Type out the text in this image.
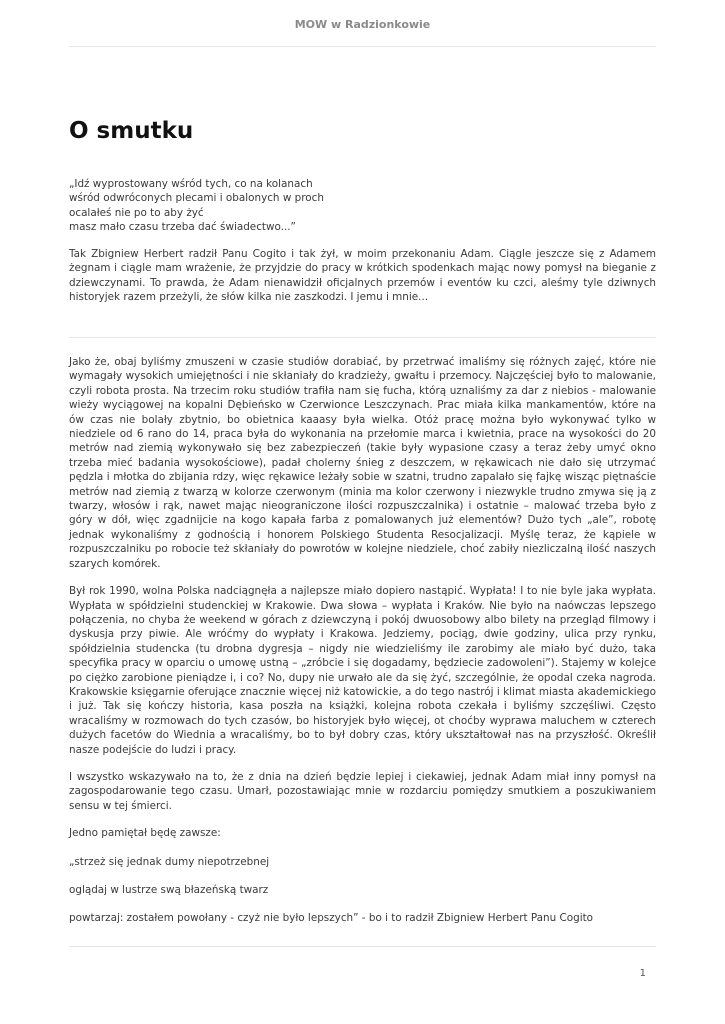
MOW w Radzionkowie
O smutku

„Idź wyprostowany wśród tych, co na kolanach

wśród odwróconych plecami i obalonych w proch

ocalałeś nie po to aby żyć

masz mało czasu trzeba dać świadectwo...”

Tak Zbigniew Herbert radził Panu Cogito i tak żył, w moim przekonaniu Adam. Ciągle jeszcze się z Adamem żegnam i ciągle mam wrażenie, że przyjdzie do pracy w krótkich spodenkach mając nowy pomysł na bieganie z dziewczynami. To prawda, że Adam nienawidził oficjalnych przemów i eventów ku czci, aleśmy tyle dziwnych historyjek razem przeżyli, że słów kilka nie zaszkodzi. I jemu i mnie...

Jako że, obaj byliśmy zmuszeni w czasie studiów dorabiać, by przetrwać imaliśmy się różnych zajęć, które nie wymagały wysokich umiejętności i nie skłaniały do kradzieży, gwałtu i przemocy. Najczęściej było to malowanie, czyli robota prosta. Na trzecim roku studiów trafiła nam się fucha, którą uznaliśmy za dar z niebios - malowanie wieży wyciągowej na kopalni Dębieńsko w Czerwionce Leszczynach. Prac miała kilka mankamentów, które na ów czas nie bolały zbytnio, bo obietnica kaaasy była wielka. Otóż pracę można było wykonywać tylko w niedziele od 6 rano do 14, praca była do wykonania na przełomie marca i kwietnia, prace na wysokości do 20 metrów nad ziemią wykonywało się bez zabezpieczeń (takie były wypasione czasy a teraz żeby umyć okno trzeba mieć badania wysokościowe), padał cholerny śnieg z deszczem, w rękawicach nie dało się utrzymać pędzla i młotka do zbijania rdzy, więc rękawice leżały sobie w szatni, trudno zapalało się fajkę wisząc piętnaście metrów nad ziemią z twarzą w kolorze czerwonym (minia ma kolor czerwony i niezwykle trudno zmywa się ją z twarzy, włosów i rąk, nawet mając nieograniczone ilości rozpuszczalnika) i ostatnie – malować trzeba było z góry w dół, więc zgadnijcie na kogo kapała farba z pomalowanych już elementów? Dużo tych „ale”, robotę jednak wykonaliśmy z godnością i honorem Polskiego Studenta Resocjalizacji. Myślę teraz, że kąpiele w rozpuszczalniku po robocie też skłaniały do powrotów w kolejne niedziele, choć zabiły niezliczalną ilość naszych szarych komórek.

Był rok 1990, wolna Polska nadciągnęła a najlepsze miało dopiero nastąpić. Wypłata! I to nie byle jaka wypłata. Wypłata w spółdzielni studenckiej w Krakowie. Dwa słowa – wypłata i Kraków. Nie było na naówczas lepszego połączenia, no chyba że weekend w górach z dziewczyną i pokój dwuosobowy albo bilety na przegląd filmowy i dyskusja przy piwie. Ale wróćmy do wypłaty i Krakowa. Jedziemy, pociąg, dwie godziny, ulica przy rynku, spółdzielnia studencka (tu drobna dygresja – nigdy nie wiedzieliśmy ile zarobimy ale miało być dużo, taka specyfika pracy w oparciu o umowę ustną – „zróbcie i się dogadamy, będziecie zadowoleni”). Stajemy w kolejce po ciężko zarobione pieniądze i, i co? No, dupy nie urwało ale da się żyć, szczególnie, że opodal czeka nagroda. Krakowskie księgarnie oferujące znacznie więcej niż katowickie, a do tego nastrój i klimat miasta akademickiego i już. Tak się kończy historia, kasa poszła na książki, kolejna robota czekała i byliśmy szczęśliwi. Często wracaliśmy w rozmowach do tych czasów, bo historyjek było więcej, ot choćby wyprawa maluchem w czterech dużych facetów do Wiednia a wracaliśmy, bo to był dobry czas, który ukształtował nas na przyszłość. Określił nasze podejście do ludzi i pracy.

I wszystko wskazywało na to, że z dnia na dzień będzie lepiej i ciekawiej, jednak Adam miał inny pomysł na zagospodarowanie tego czasu. Umarł, pozostawiając mnie w rozdarciu pomiędzy smutkiem a poszukiwaniem sensu w tej śmierci.

Jedno pamiętał będę zawsze:

„strzeż się jednak dumy niepotrzebnej

oglądaj w lustrze swą błazeńską twarz

powtarzaj: zostałem powołany - czyż nie było lepszych” - bo i to radził Zbigniew Herbert Panu Cogito

1
